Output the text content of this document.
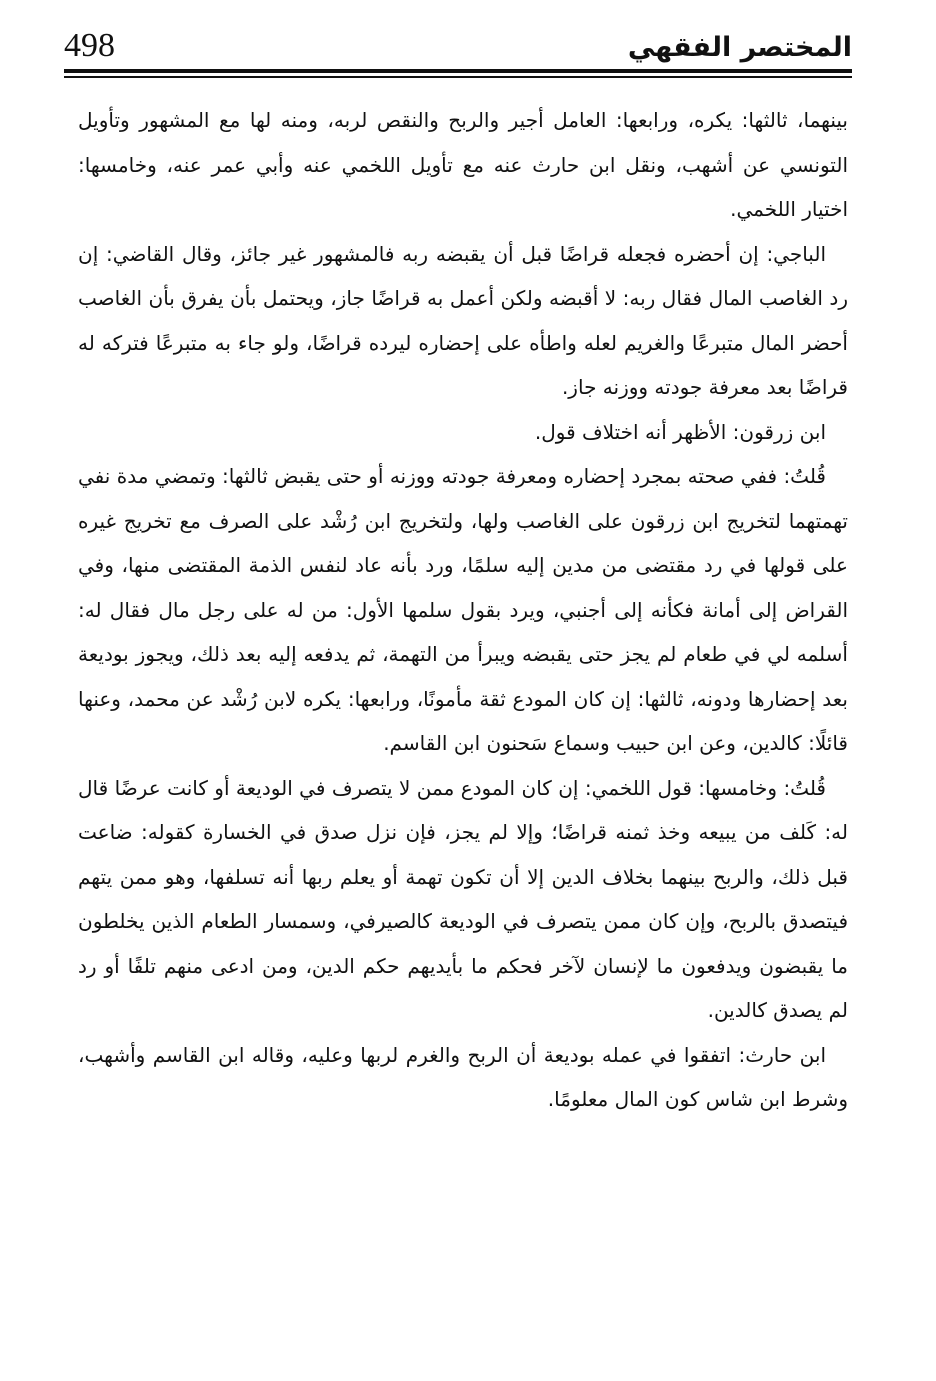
498	المختصر الفقهي

بينهما، ثالثها: يكره، ورابعها: العامل أجير والربح والنقص لربه، ومنه لها مع المشهور وتأويل التونسي عن أشهب، ونقل ابن حارث عنه مع تأويل اللخمي عنه وأبي عمر عنه، وخامسها: اختيار اللخمي.

الباجي: إن أحضره فجعله قراضًا قبل أن يقبضه ربه فالمشهور غير جائز، وقال القاضي: إن رد الغاصب المال فقال ربه: لا أقبضه ولكن أعمل به قراضًا جاز، ويحتمل بأن يفرق بأن الغاصب أحضر المال متبرعًا والغريم لعله واطأه على إحضاره ليرده قراضًا، ولو جاء به متبرعًا فتركه له قراضًا بعد معرفة جودته ووزنه جاز.

ابن زرقون: الأظهر أنه اختلاف قول.

قُلتُ: ففي صحته بمجرد إحضاره ومعرفة جودته ووزنه أو حتى يقبض ثالثها: وتمضي مدة نفي تهمتهما لتخريج ابن زرقون على الغاصب ولها، ولتخريج ابن رُشْد على الصرف مع تخريج غيره على قولها في رد مقتضى من مدين إليه سلمًا، ورد بأنه عاد لنفس الذمة المقتضى منها، وفي القراض إلى أمانة فكأنه إلى أجنبي، ويرد بقول سلمها الأول: من له على رجل مال فقال له: أسلمه لي في طعام لم يجز حتى يقبضه ويبرأ من التهمة، ثم يدفعه إليه بعد ذلك، ويجوز بوديعة بعد إحضارها ودونه، ثالثها: إن كان المودع ثقة مأمونًا، ورابعها: يكره لابن رُشْد عن محمد، وعنها قائلًا: كالدين، وعن ابن حبيب وسماع سَحنون ابن القاسم.

قُلتُ: وخامسها: قول اللخمي: إن كان المودع ممن لا يتصرف في الوديعة أو كانت عرضًا قال له: كَلف من يبيعه وخذ ثمنه قراضًا؛ وإلا لم يجز، فإن نزل صدق في الخسارة كقوله: ضاعت قبل ذلك، والربح بينهما بخلاف الدين إلا أن تكون تهمة أو يعلم ربها أنه تسلفها، وهو ممن يتهم فيتصدق بالربح، وإن كان ممن يتصرف في الوديعة كالصيرفي، وسمسار الطعام الذين يخلطون ما يقبضون ويدفعون ما لإنسان لآخر فحكم ما بأيديهم حكم الدين، ومن ادعى منهم تلفًا أو رد لم يصدق كالدين.

ابن حارث: اتفقوا في عمله بوديعة أن الربح والغرم لربها وعليه، وقاله ابن القاسم وأشهب، وشرط ابن شاس كون المال معلومًا.
